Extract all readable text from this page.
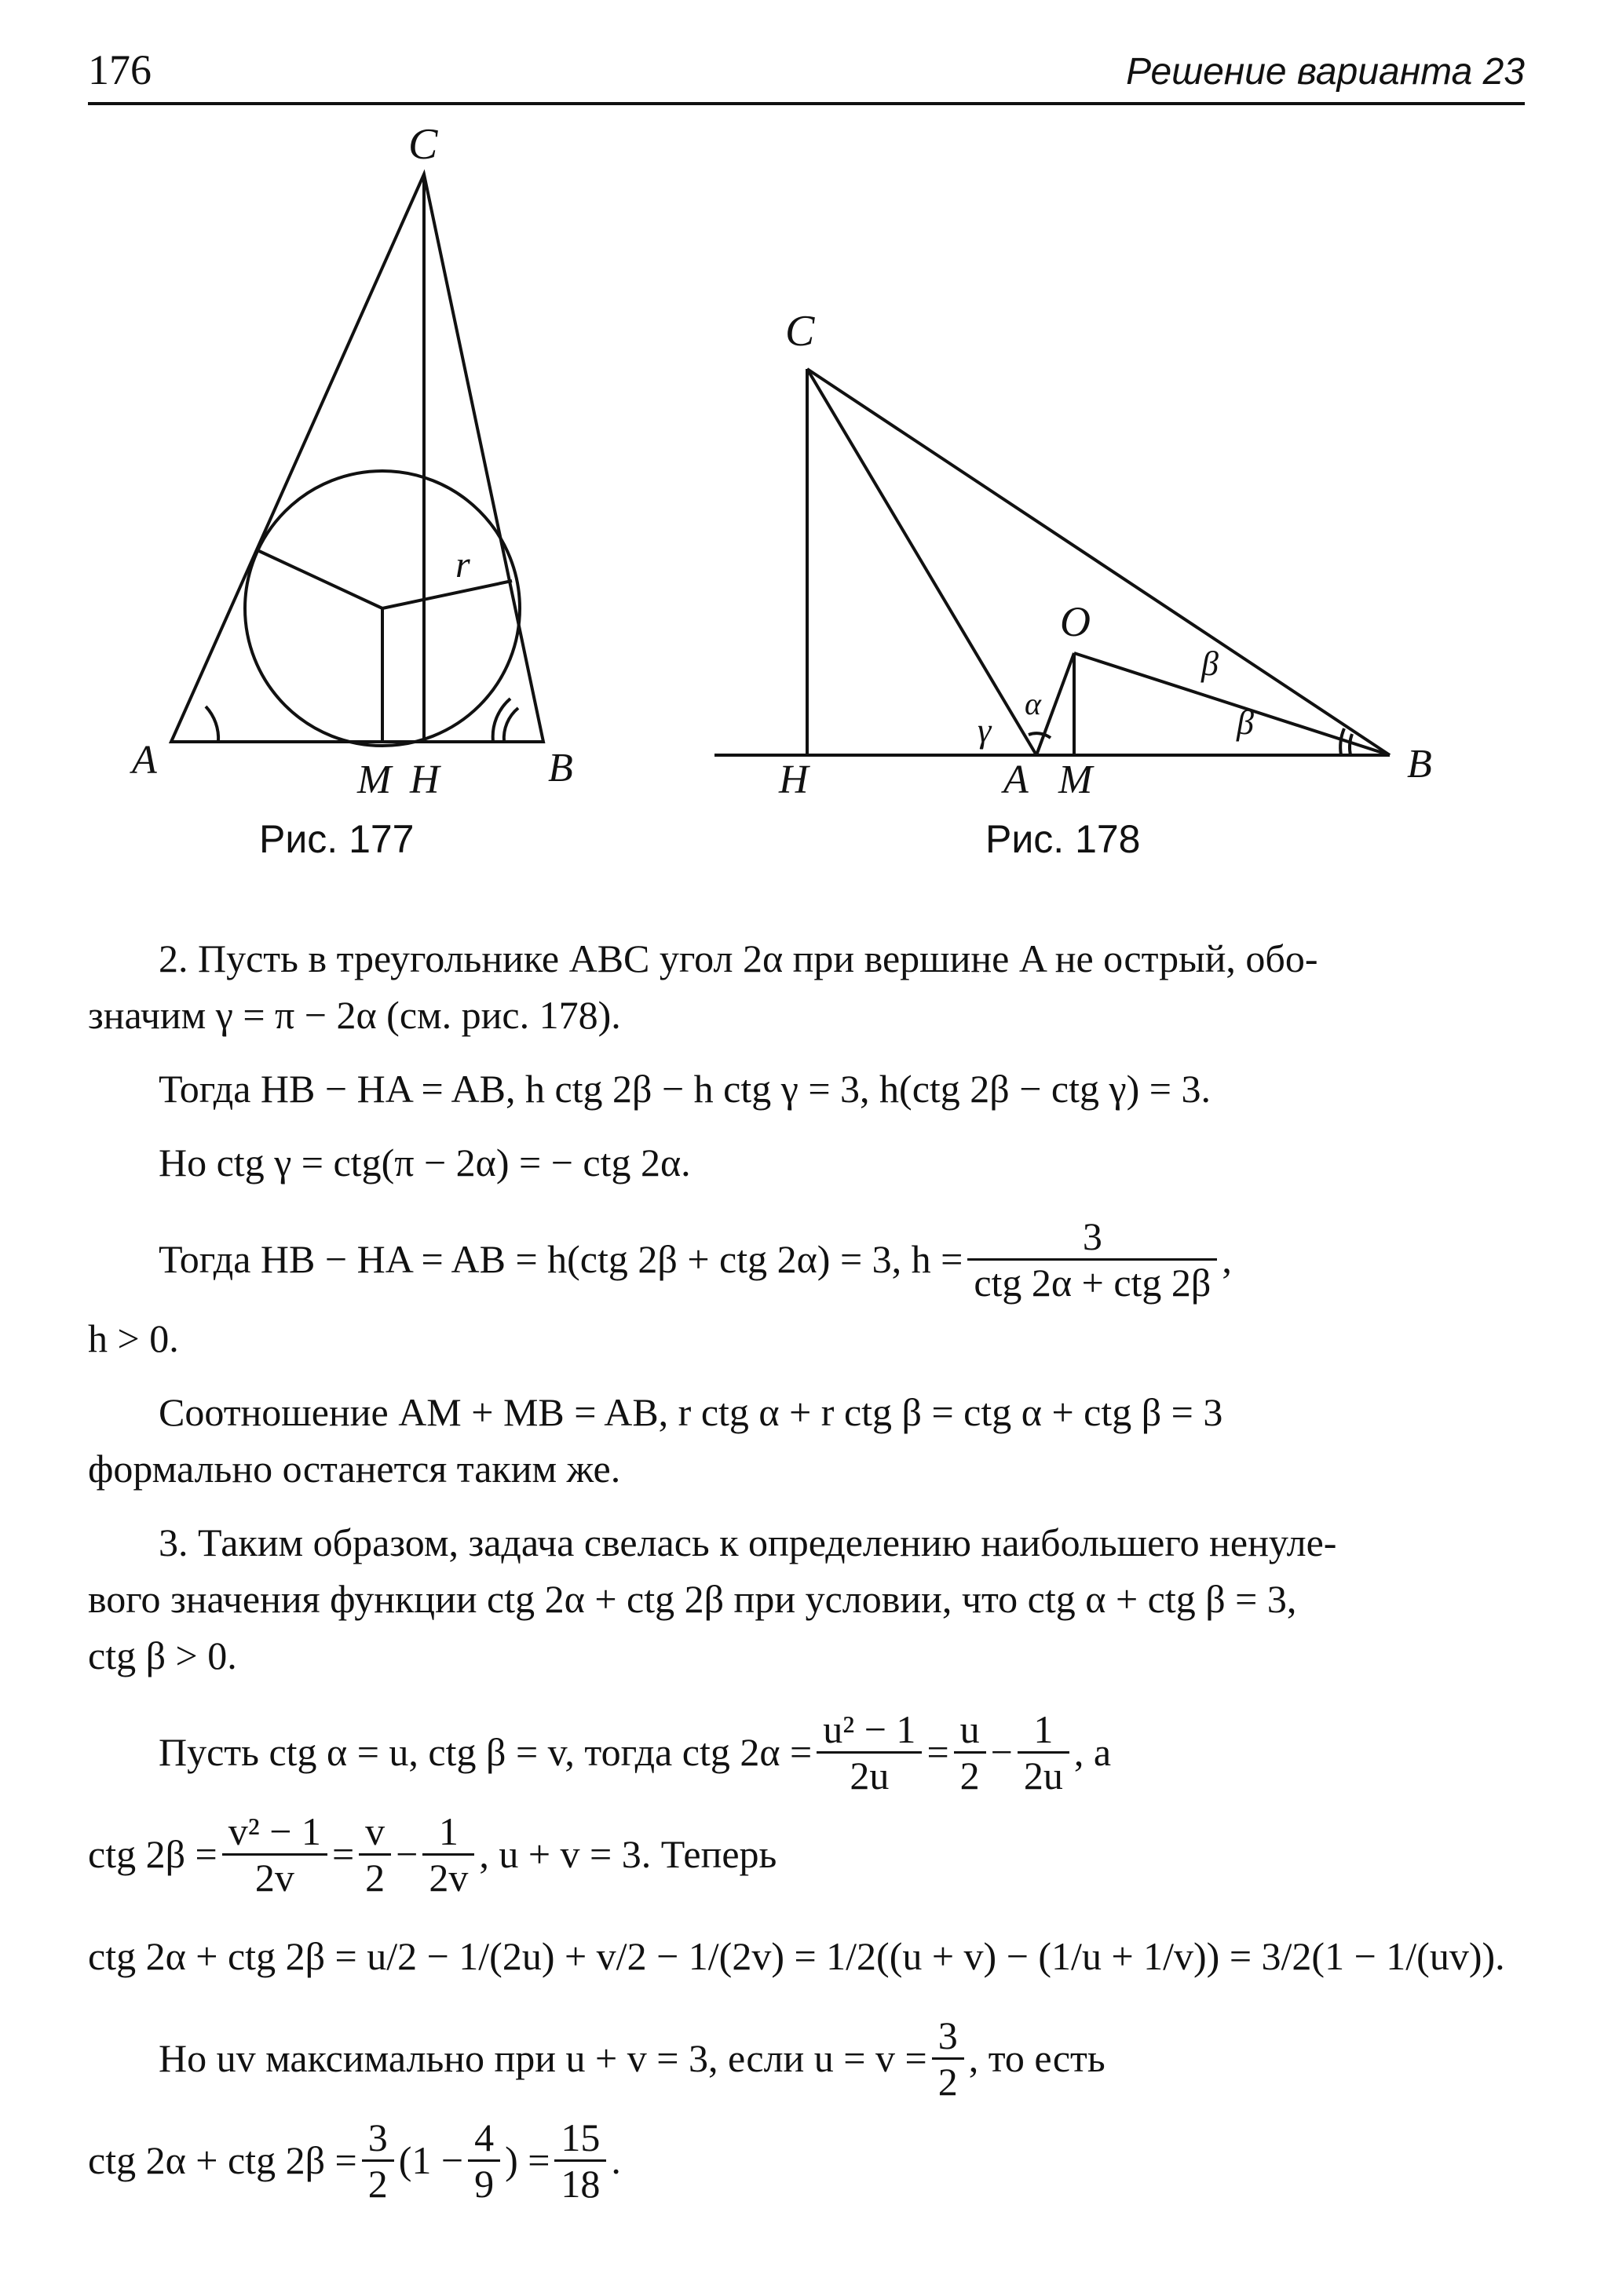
176	Решение варианта 23
C
A	M H	B
r
Рис. 177
C
O
H	A M	B
γ
α
β
β
Рис. 178
2. Пусть в треугольнике ABC угол 2α при вершине A не острый, обо-
значим γ = π − 2α (см. рис. 178).
Тогда HB − HA = AB, h ctg 2β − h ctg γ = 3, h(ctg 2β − ctg γ) = 3.
Но ctg γ = ctg(π − 2α) = − ctg 2α.
Тогда HB − HA = AB = h(ctg 2β + ctg 2α) = 3, $h = \frac{3}{\text{ctg 2α + ctg 2β}}$ ,
h > 0.
Соотношение AM + MB = AB, r ctg α + r ctg β = ctg α + ctg β = 3
формально останется таким же.
3. Таким образом, задача свелась к определению наибольшего ненуле-
вого значения функции ctg 2α + ctg 2β при условии, что ctg α + ctg β = 3,
ctg β > 0.
Пусть ctg α = u, ctg β = v, тогда ctg $2\alpha = \frac{\text{u² − 1}}{2u} = \frac{u}{2} - \frac{1}{2u}$ , а
ctg $2\beta = \frac{\text{v² − 1}}{2v} = \frac{v}{2} - \frac{1}{2v}$ , u + v = 3. Теперь
ctg 2α + ctg 2β = u/2 − 1/(2u) + v/2 − 1/(2v) = 1/2((u + v) − (1/u + 1/v)) = 3/2(1 − 1/(uv)).
Но uv максимально при u + v = 3, если $u = v = \frac{3}{2}$ , то есть
ctg 2α + ctg $2\beta = \frac{3}{2} (1 - \frac{4}{9}$ ) = $\frac{15}{18}$ .
